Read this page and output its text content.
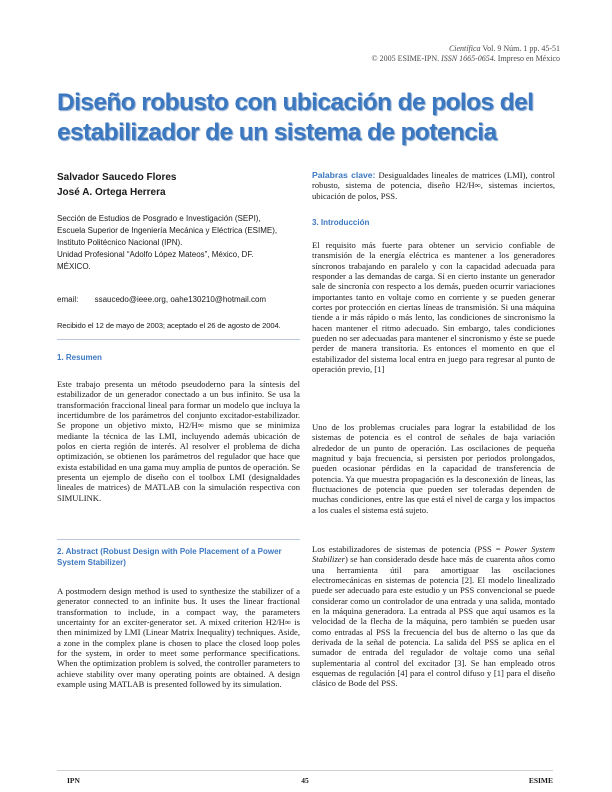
Científica Vol. 9 Núm. 1 pp. 45-51
© 2005 ESIME-IPN. ISSN 1665-0654. Impreso en México
Diseño robusto con ubicación de polos del
estabilizador de un sistema de potencia
Salvador Saucedo Flores
José A. Ortega Herrera
Sección de Estudios de Posgrado e Investigación (SEPI),
Escuela Superior de Ingeniería Mecánica y Eléctrica (ESIME),
Instituto Politécnico Nacional (IPN).
Unidad Profesional “Adolfo López Mateos”, México, DF.
MÉXICO.
email: ssaucedo@ieee.org, oahe130210@hotmail.com
Recibido el 12 de mayo de 2003; aceptado el 26 de agosto de 2004.
1. Resumen
Este trabajo presenta un método pseudoderno para la síntesis del estabilizador de un generador conectado a un bus infinito. Se usa la transformación fraccional lineal para formar un modelo que incluya la incertidumbre de los parámetros del conjunto excitador-estabilizador. Se propone un objetivo mixto, H2/H∞ mismo que se minimiza mediante la técnica de las LMI, incluyendo además ubicación de polos en cierta región de interés. Al resolver el problema de dicha optimización, se obtienen los parámetros del regulador que hace que exista estabilidad en una gama muy amplia de puntos de operación. Se presenta un ejemplo de diseño con el toolbox LMI (designaldades lineales de matrices) de MATLAB con la simulación respectiva con SIMULINK.
2. Abstract (Robust Design with Pole Placement of a Power System Stabilizer)
A postmodern design method is used to synthesize the stabilizer of a generator connected to an infinite bus. It uses the linear fractional transformation to include, in a compact way, the parameters uncertainty for an exciter-generator set. A mixed criterion H2/H∞ is then minimized by LMI (Linear Matrix Inequality) techniques. Aside, a zone in the complex plane is chosen to place the closed loop poles for the system, in order to meet some performance specifications. When the optimization problem is solved, the controller parameters to achieve stability over many operating points are obtained. A design example using MATLAB is presented followed by its simulation.
Palabras clave: Desigualdades lineales de matrices (LMI), control robusto, sistema de potencia, diseño H2/H∞, sistemas inciertos, ubicación de polos, PSS.
3. Introducción
El requisito más fuerte para obtener un servicio confiable de transmisión de la energía eléctrica es mantener a los generadores síncronos trabajando en paralelo y con la capacidad adecuada para responder a las demandas de carga. Si en cierto instante un generador sale de sincronía con respecto a los demás, pueden ocurrir variaciones importantes tanto en voltaje como en corriente y se pueden generar cortes por protección en ciertas líneas de transmisión. Si una máquina tiende a ir más rápido o más lento, las condiciones de sincronismo la hacen mantener el ritmo adecuado. Sin embargo, tales condiciones pueden no ser adecuadas para mantener el sincronismo y éste se puede perder de manera transitoria. Es entonces el momento en que el estabilizador del sistema local entra en juego para regresar al punto de operación previo, [1]
Uno de los problemas cruciales para lograr la estabilidad de los sistemas de potencia es el control de señales de baja variación alrededor de un punto de operación. Las oscilaciones de pequeña magnitud y baja frecuencia, si persisten por periodos prolongados, pueden ocasionar pérdidas en la capacidad de transferencia de potencia. Ya que muestra propagación es la desconexión de líneas, las fluctuaciones de potencia que pueden ser toleradas dependen de muchas condiciones, entre las que está el nivel de carga y los impactos a los cuales el sistema está sujeto.
Los estabilizadores de sistemas de potencia (PSS = Power System Stabilizer) se han considerado desde hace más de cuarenta años como una herramienta útil para amortiguar las oscilaciones electromecánicas en sistemas de potencia [2]. El modelo linealizado puede ser adecuado para este estudio y un PSS convencional se puede considerar como un controlador de una entrada y una salida, montado en la máquina generadora. La entrada al PSS que aquí usamos es la velocidad de la flecha de la máquina, pero también se pueden usar como entradas al PSS la frecuencia del bus de alterno o las que da derivada de la señal de potencia. La salida del PSS se aplica en el sumador de entrada del regulador de voltaje como una señal suplementaria al control del excitador [3]. Se han empleado otros esquemas de regulación [4] para el control difuso y [1] para el diseño clásico de Bode del PSS.
IPN	45	ESIME
